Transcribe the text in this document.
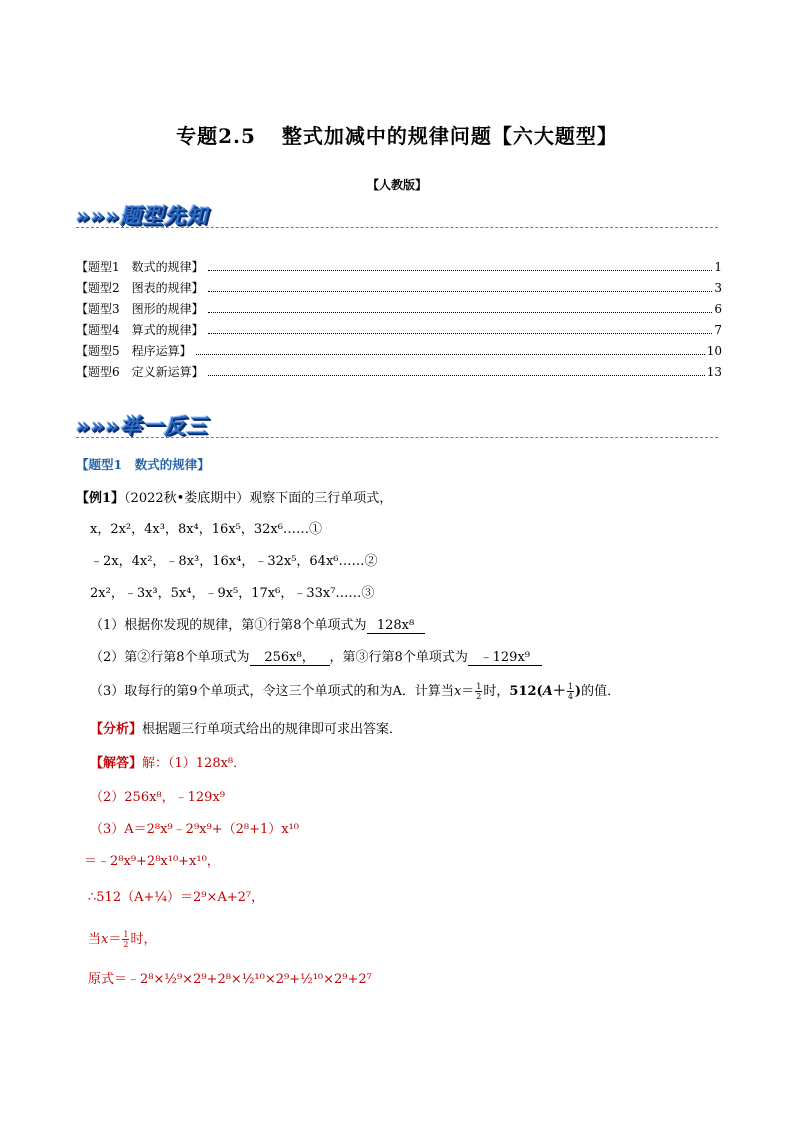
专题2.5 整式加减中的规律问题【六大题型】
【人教版】
»»»题型先知
【题型1　数式的规律】	1
【题型2　图表的规律】	3
【题型3　图形的规律】	6
【题型4　算式的规律】	7
【题型5　程序运算】	10
【题型6　定义新运算】	13
»»»举一反三
【题型1　数式的规律】
【例1】（2022秋•娄底期中）观察下面的三行单项式，
x，2x²，4x³，8x⁴，16x⁵，32x⁶……①
﹣2x，4x²，﹣8x³，16x⁴，﹣32x⁵，64x⁶……②
2x²，﹣3x³，5x⁴，﹣9x⁵，17x⁶，﹣33x⁷……③
（1）根据你发现的规律，第①行第8个单项式为 128x⁸
（2）第②行第8个单项式为 256x⁸， ，第③行第8个单项式为 ﹣129x⁹
（3）取每行的第9个单项式，令这三个单项式的和为A．计算当$x= \frac{1}{2}$ 时，$512(A+ \frac{1}{4}$ )的值．
【分析】根据题三行单项式给出的规律即可求出答案．
【解答】解：（1）128x⁸．
（2）256x⁸，﹣129x⁹
（3）A＝2⁸x⁹﹣2⁹x⁹+（2⁸+1）x¹⁰
＝﹣2⁸x⁹+2⁸x¹⁰+x¹⁰，
∴512（A+¼）＝2⁹×A+2⁷，
当$x= \frac{1}{2}$ 时，
原式＝﹣2⁸×½⁹×2⁹+2⁸×½¹⁰×2⁹+½¹⁰×2⁹+2⁷
